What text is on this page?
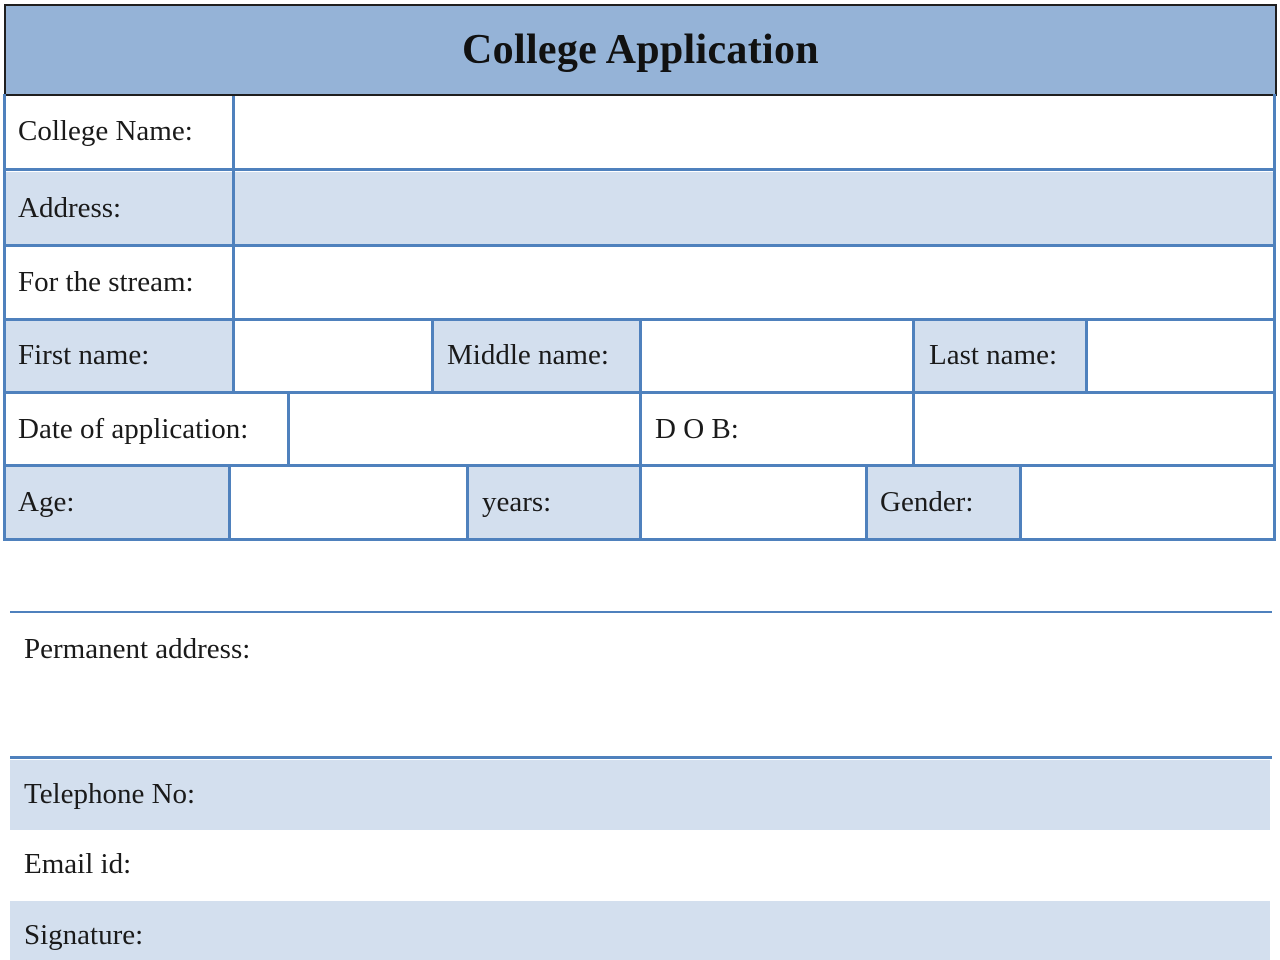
College Application
College Name:
Address:
For the stream:
First name:	Middle name:	Last name:
Date of application:	D O B:
Age:	years:	Gender:
Permanent address:
Telephone No:
Email id:
Signature:
